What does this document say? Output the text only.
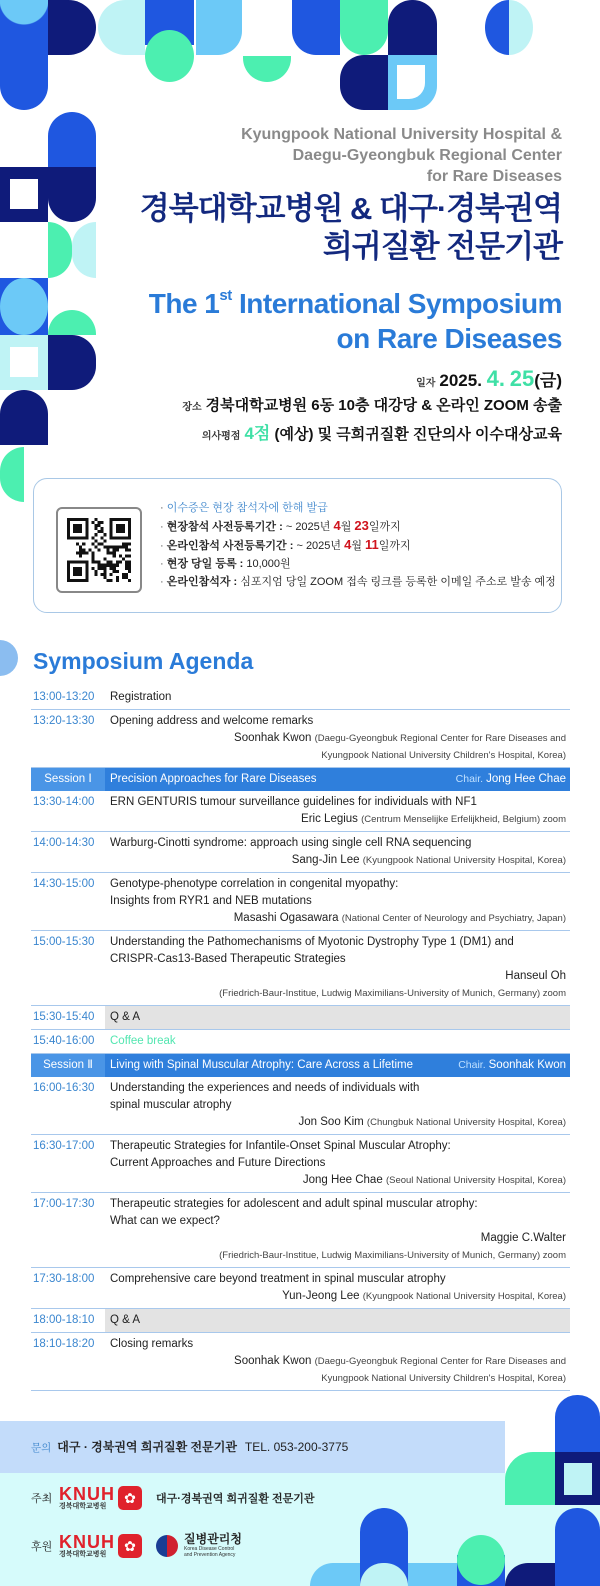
Kyungpook National University Hospital &
Daegu-Gyeongbuk Regional Center
for Rare Diseases
경북대학교병원 & 대구·경북권역
희귀질환 전문기관
The 1st International Symposium
on Rare Diseases
일자 2025. 4. 25(금)
장소 경북대학교병원 6동 10층 대강당 & 온라인 ZOOM 송출
의사평점 4점 (예상) 및 극희귀질환 진단의사 이수대상교육
· 이수증은 현장 참석자에 한해 발급
· 현장참석 사전등록기간 : ~ 2025년 4월 23일까지
· 온라인참석 사전등록기간 : ~ 2025년 4월 11일까지
· 현장 당일 등록 : 10,000원
· 온라인참석자 : 심포지엄 당일 ZOOM 접속 링크를 등록한 이메일 주소로 발송 예정
Symposium Agenda
13:00-13:20	Registration
13:20-13:30	Opening address and welcome remarks
Soonhak Kwon (Daegu-Gyeongbuk Regional Center for Rare Diseases and
Kyungpook National University Children's Hospital, Korea)
Session Ⅰ	Precision Approaches for Rare Diseases	Chair. Jong Hee Chae
13:30-14:00	ERN GENTURIS tumour surveillance guidelines for individuals with NF1
Eric Legius (Centrum Menselijke Erfelijkheid, Belgium) zoom
14:00-14:30	Warburg-Cinotti syndrome: approach using single cell RNA sequencing
Sang-Jin Lee (Kyungpook National University Hospital, Korea)
14:30-15:00	Genotype-phenotype correlation in congenital myopathy:
Insights from RYR1 and NEB mutations
Masashi Ogasawara (National Center of Neurology and Psychiatry, Japan)
15:00-15:30	Understanding the Pathomechanisms of Myotonic Dystrophy Type 1 (DM1) and
CRISPR-Cas13-Based Therapeutic Strategies
Hanseul Oh
(Friedrich-Baur-Institue, Ludwig Maximilians-University of Munich, Germany) zoom
15:30-15:40	Q & A
15:40-16:00	Coffee break
Session Ⅱ	Living with Spinal Muscular Atrophy: Care Across a Lifetime	Chair. Soonhak Kwon
16:00-16:30	Understanding the experiences and needs of individuals with
spinal muscular atrophy
Jon Soo Kim (Chungbuk National University Hospital, Korea)
16:30-17:00	Therapeutic Strategies for Infantile-Onset Spinal Muscular Atrophy:
Current Approaches and Future Directions
Jong Hee Chae (Seoul National University Hospital, Korea)
17:00-17:30	Therapeutic strategies for adolescent and adult spinal muscular atrophy:
What can we expect?
Maggie C.Walter
(Friedrich-Baur-Institue, Ludwig Maximilians-University of Munich, Germany) zoom
17:30-18:00	Comprehensive care beyond treatment in spinal muscular atrophy
Yun-Jeong Lee (Kyungpook National University Hospital, Korea)
18:00-18:10	Q & A
18:10-18:20	Closing remarks
Soonhak Kwon (Daegu-Gyeongbuk Regional Center for Rare Diseases and
Kyungpook National University Children's Hospital, Korea)
문의 대구 · 경북권역 희귀질환 전문기관 TEL. 053-200-3775
주최 KNUH
경북대학교병원
✿	대구·경북권역 희귀질환 전문기관
후원 KNUH
경북대학교병원
✿	질병관리청
Korea Disease Control and Prevention Agency
